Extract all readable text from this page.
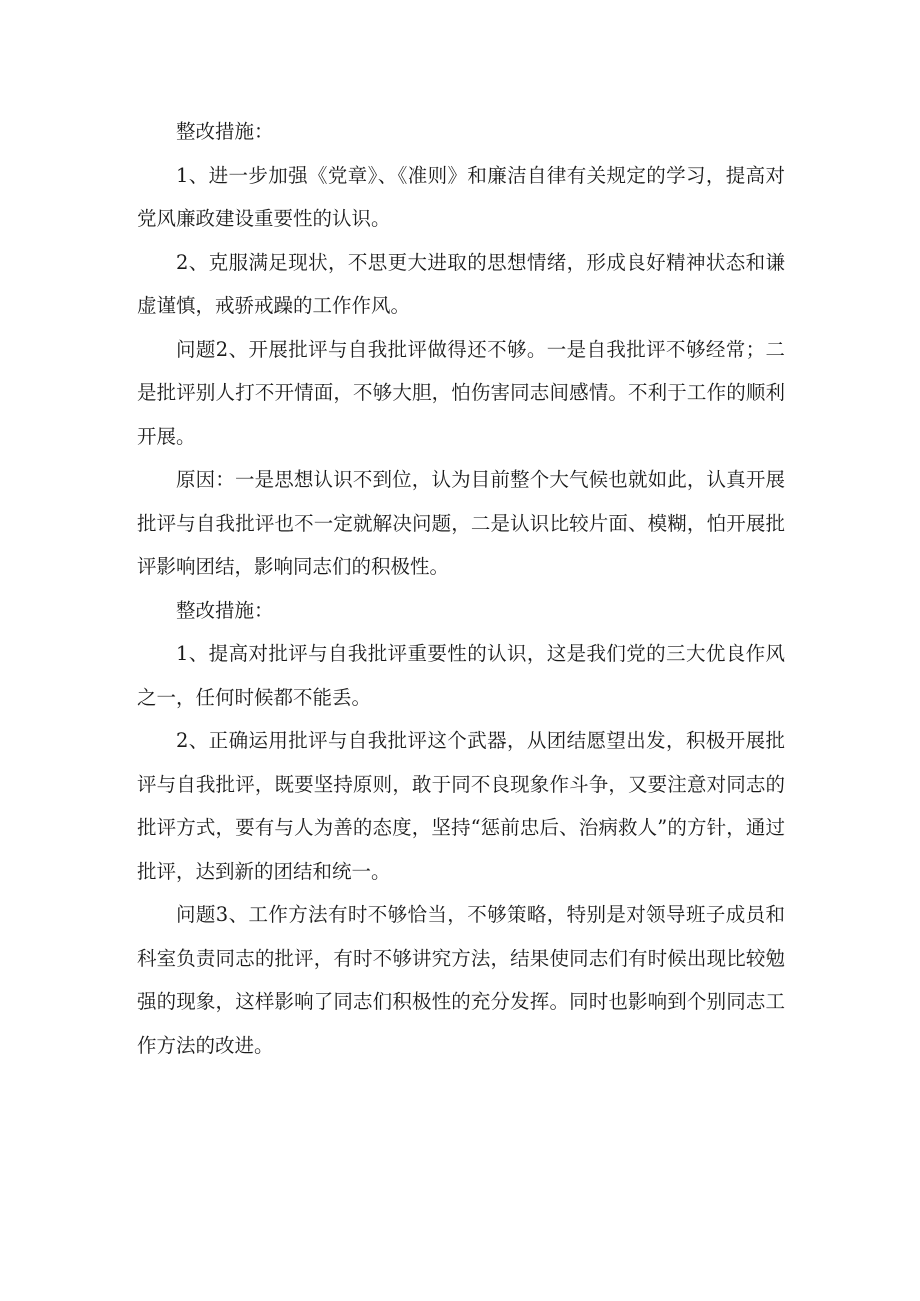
整改措施：

1、进一步加强《党章》、《准则》和廉洁自律有关规定的学习，提高对党风廉政建设重要性的认识。

2、克服满足现状，不思更大进取的思想情绪，形成良好精神状态和谦虚谨慎，戒骄戒躁的工作作风。

问题2、开展批评与自我批评做得还不够。一是自我批评不够经常；二是批评别人打不开情面，不够大胆，怕伤害同志间感情。不利于工作的顺利开展。

原因：一是思想认识不到位，认为目前整个大气候也就如此，认真开展批评与自我批评也不一定就解决问题，二是认识比较片面、模糊，怕开展批评影响团结，影响同志们的积极性。

整改措施：

1、提高对批评与自我批评重要性的认识，这是我们党的三大优良作风之一，任何时候都不能丢。

2、正确运用批评与自我批评这个武器，从团结愿望出发，积极开展批评与自我批评，既要坚持原则，敢于同不良现象作斗争，又要注意对同志的批评方式，要有与人为善的态度，坚持“惩前忠后、治病救人”的方针，通过批评，达到新的团结和统一。

问题3、工作方法有时不够恰当，不够策略，特别是对领导班子成员和科室负责同志的批评，有时不够讲究方法，结果使同志们有时候出现比较勉强的现象，这样影响了同志们积极性的充分发挥。同时也影响到个别同志工作方法的改进。
